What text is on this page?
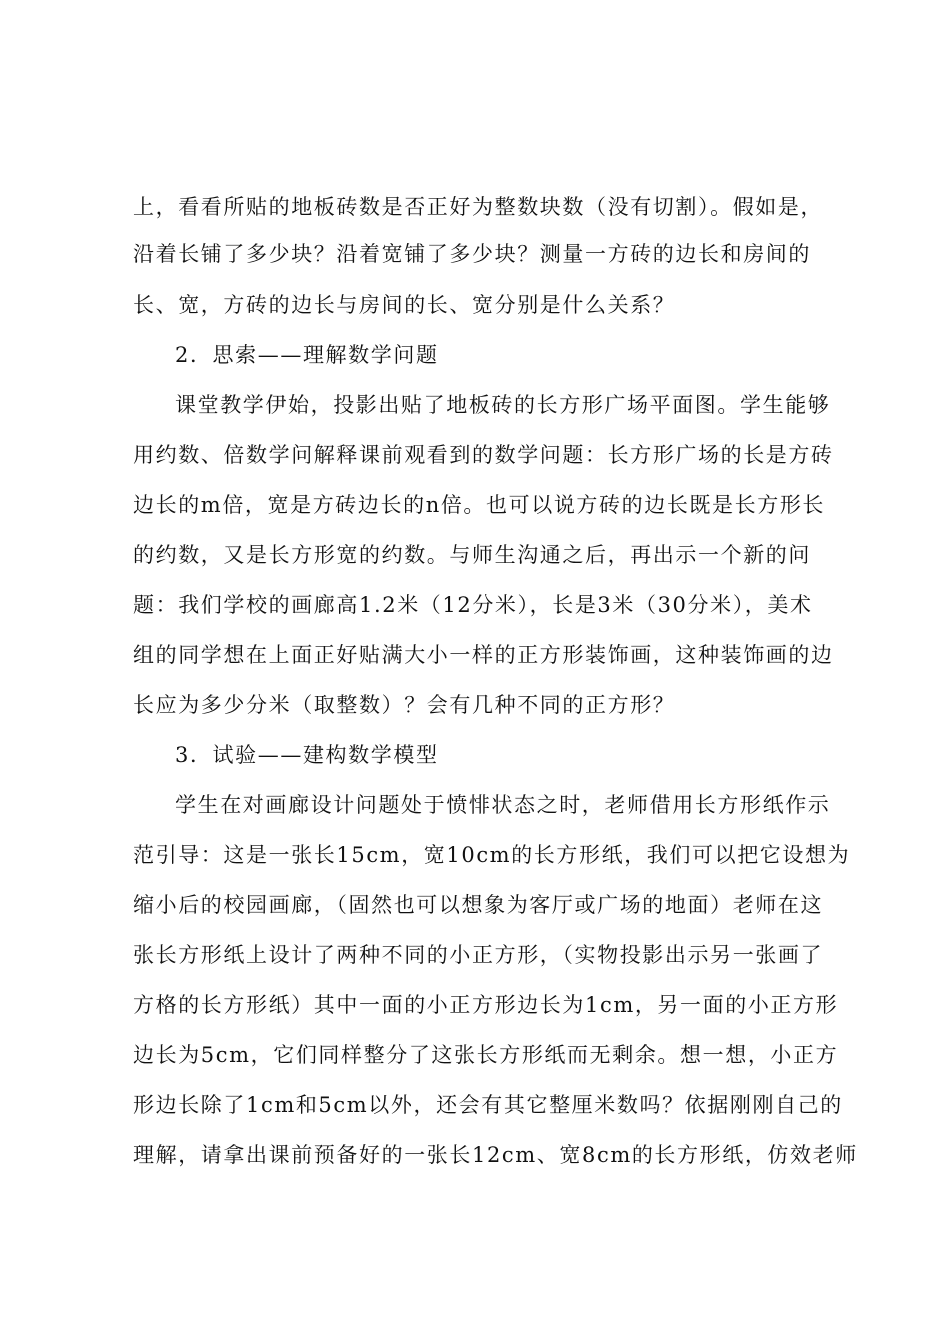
上，看看所贴的地板砖数是否正好为整数块数（没有切割）。假如是，
沿着长铺了多少块？沿着宽铺了多少块？测量一方砖的边长和房间的
长、宽，方砖的边长与房间的长、宽分别是什么关系？
2．思索——理解数学问题
课堂教学伊始，投影出贴了地板砖的长方形广场平面图。学生能够
用约数、倍数学问解释课前观看到的数学问题：长方形广场的长是方砖
边长的m倍，宽是方砖边长的n倍。也可以说方砖的边长既是长方形长
的约数，又是长方形宽的约数。与师生沟通之后，再出示一个新的问
题：我们学校的画廊高1.2米（12分米），长是3米（30分米），美术
组的同学想在上面正好贴满大小一样的正方形装饰画，这种装饰画的边
长应为多少分米（取整数）？会有几种不同的正方形？
3．试验——建构数学模型
学生在对画廊设计问题处于愤悱状态之时，老师借用长方形纸作示
范引导：这是一张长15cm，宽10cm的长方形纸，我们可以把它设想为
缩小后的校园画廊，（固然也可以想象为客厅或广场的地面）老师在这
张长方形纸上设计了两种不同的小正方形，（实物投影出示另一张画了
方格的长方形纸）其中一面的小正方形边长为1cm，另一面的小正方形
边长为5cm，它们同样整分了这张长方形纸而无剩余。想一想，小正方
形边长除了1cm和5cm以外，还会有其它整厘米数吗？依据刚刚自己的
理解，请拿出课前预备好的一张长12cm、宽8cm的长方形纸，仿效老师
